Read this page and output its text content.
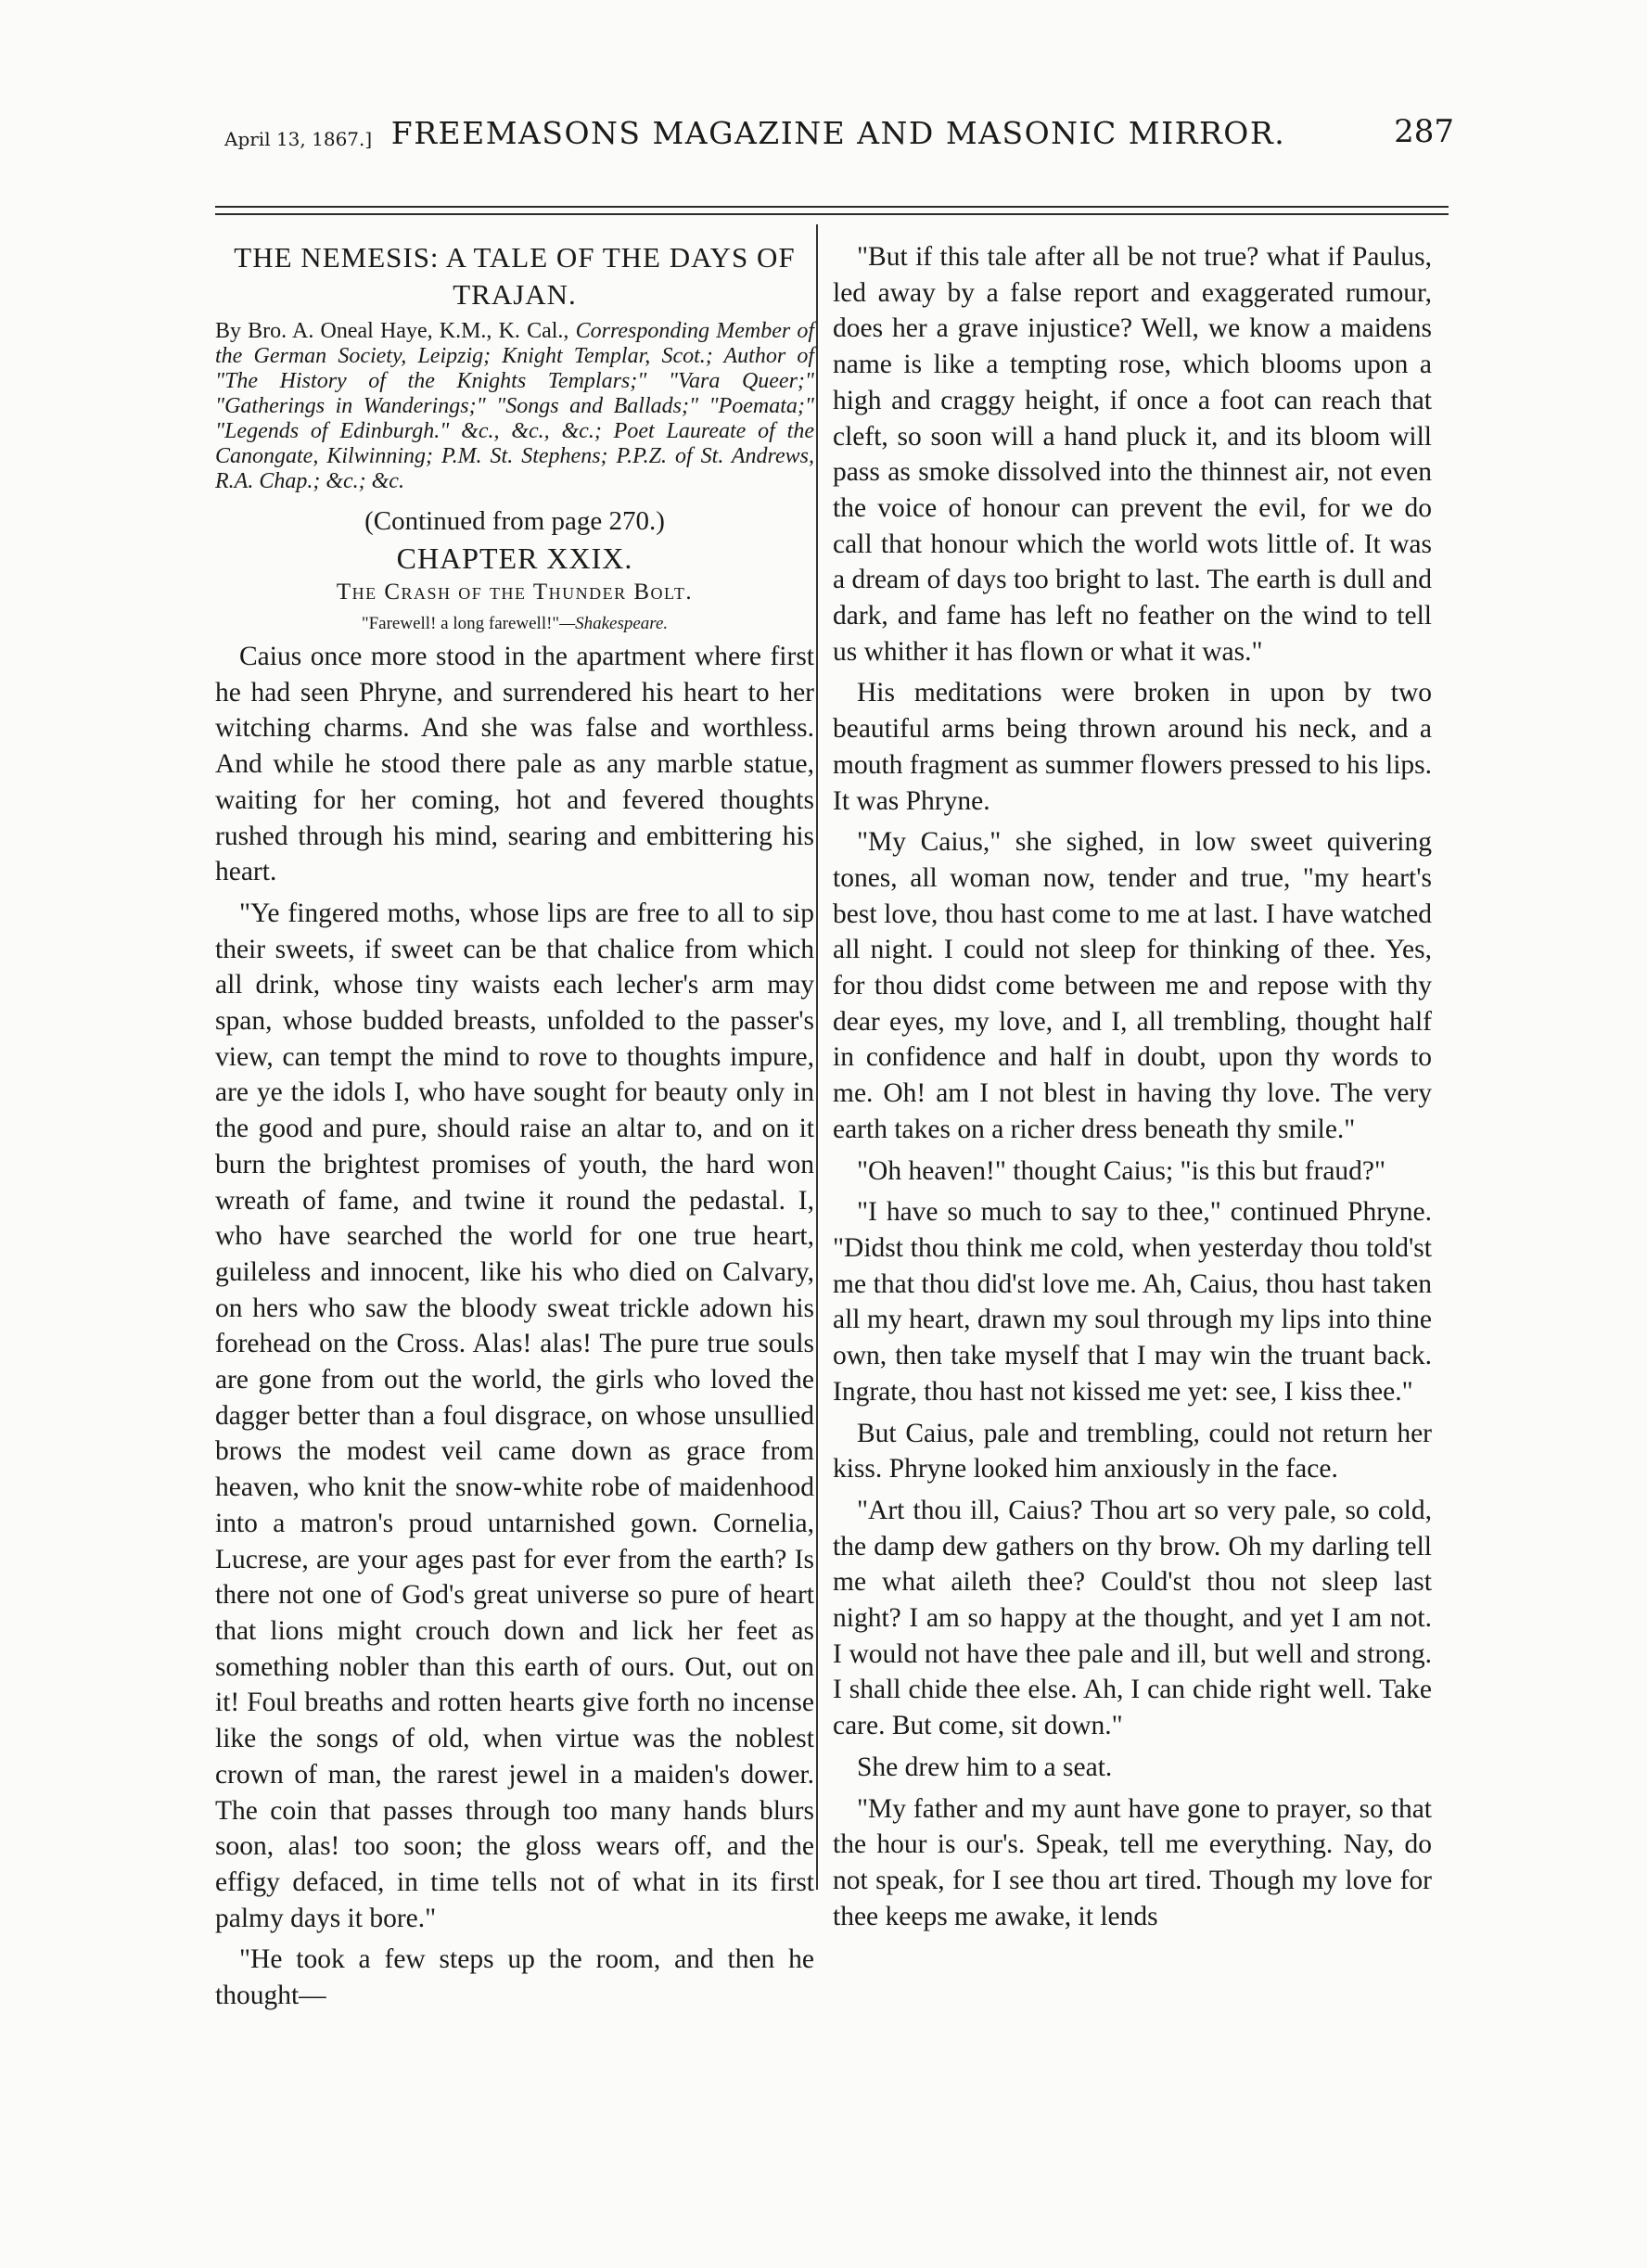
April 13, 1867.] FREEMASONS MAGAZINE AND MASONIC MIRROR.	287
THE NEMESIS: A TALE OF THE DAYS OF TRAJAN.

By Bro. A. Oneal Haye, K.M., K. Cal., Corresponding Member of the German Society, Leipzig; Knight Templar, Scot.; Author of "The History of the Knights Templars;" "Vara Queer;" "Gatherings in Wanderings;" "Songs and Ballads;" "Poemata;" "Legends of Edinburgh." &c., &c., &c.; Poet Laureate of the Canongate, Kilwinning; P.M. St. Stephens; P.P.Z. of St. Andrews, R.A. Chap.; &c.; &c.

(Continued from page 270.)
CHAPTER XXIX.
The Crash of the Thunder Bolt.
"Farewell! a long farewell!"—Shakespeare.

Caius once more stood in the apartment where first he had seen Phryne, and surrendered his heart to her witching charms. And she was false and worthless. And while he stood there pale as any marble statue, waiting for her coming, hot and fevered thoughts rushed through his mind, searing and embittering his heart.

"Ye fingered moths, whose lips are free to all to sip their sweets, if sweet can be that chalice from which all drink, whose tiny waists each lecher's arm may span, whose budded breasts, unfolded to the passer's view, can tempt the mind to rove to thoughts impure, are ye the idols I, who have sought for beauty only in the good and pure, should raise an altar to, and on it burn the brightest promises of youth, the hard won wreath of fame, and twine it round the pedastal. I, who have searched the world for one true heart, guileless and innocent, like his who died on Calvary, on hers who saw the bloody sweat trickle adown his forehead on the Cross. Alas! alas! The pure true souls are gone from out the world, the girls who loved the dagger better than a foul disgrace, on whose unsullied brows the modest veil came down as grace from heaven, who knit the snow-white robe of maidenhood into a matron's proud untarnished gown. Cornelia, Lucrese, are your ages past for ever from the earth? Is there not one of God's great universe so pure of heart that lions might crouch down and lick her feet as something nobler than this earth of ours. Out, out on it! Foul breaths and rotten hearts give forth no incense like the songs of old, when virtue was the noblest crown of man, the rarest jewel in a maiden's dower. The coin that passes through too many hands blurs soon, alas! too soon; the gloss wears off, and the effigy defaced, in time tells not of what in its first palmy days it bore."

"He took a few steps up the room, and then he thought—

"But if this tale after all be not true? what if Paulus, led away by a false report and exaggerated rumour, does her a grave injustice? Well, we know a maidens name is like a tempting rose, which blooms upon a high and craggy height, if once a foot can reach that cleft, so soon will a hand pluck it, and its bloom will pass as smoke dissolved into the thinnest air, not even the voice of honour can prevent the evil, for we do call that honour which the world wots little of. It was a dream of days too bright to last. The earth is dull and dark, and fame has left no feather on the wind to tell us whither it has flown or what it was."

His meditations were broken in upon by two beautiful arms being thrown around his neck, and a mouth fragment as summer flowers pressed to his lips. It was Phryne.

"My Caius," she sighed, in low sweet quivering tones, all woman now, tender and true, "my heart's best love, thou hast come to me at last. I have watched all night. I could not sleep for thinking of thee. Yes, for thou didst come between me and repose with thy dear eyes, my love, and I, all trembling, thought half in confidence and half in doubt, upon thy words to me. Oh! am I not blest in having thy love. The very earth takes on a richer dress beneath thy smile."

"Oh heaven!" thought Caius; "is this but fraud?"

"I have so much to say to thee," continued Phryne. "Didst thou think me cold, when yesterday thou told'st me that thou did'st love me. Ah, Caius, thou hast taken all my heart, drawn my soul through my lips into thine own, then take myself that I may win the truant back. Ingrate, thou hast not kissed me yet: see, I kiss thee."

But Caius, pale and trembling, could not return her kiss. Phryne looked him anxiously in the face.

"Art thou ill, Caius? Thou art so very pale, so cold, the damp dew gathers on thy brow. Oh my darling tell me what aileth thee? Could'st thou not sleep last night? I am so happy at the thought, and yet I am not. I would not have thee pale and ill, but well and strong. I shall chide thee else. Ah, I can chide right well. Take care. But come, sit down."

She drew him to a seat.

"My father and my aunt have gone to prayer, so that the hour is our's. Speak, tell me everything. Nay, do not speak, for I see thou art tired. Though my love for thee keeps me awake, it lends
